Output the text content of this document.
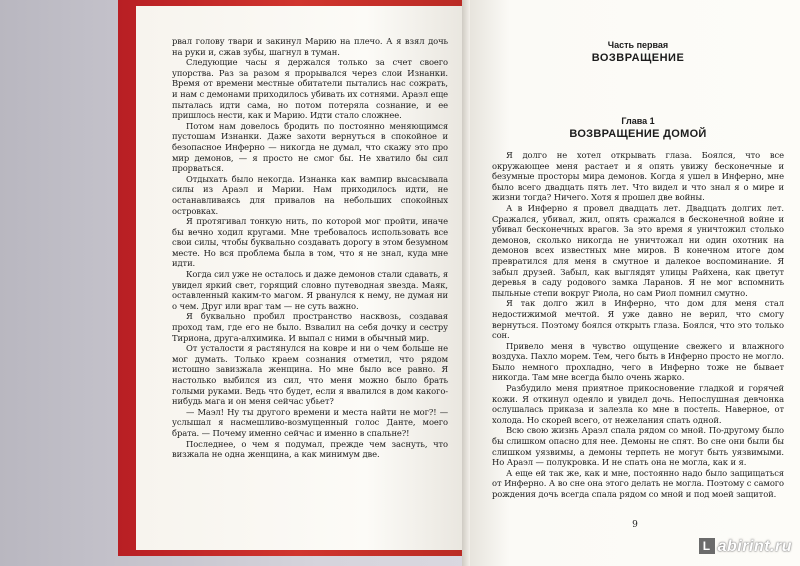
рвал голову твари и закинул Марию на плечо. А я взял дочь на руки и, сжав зубы, шагнул в туман.

Следующие часы я держался только за счет своего упорства. Раз за разом я прорывался через слои Изнанки. Время от времени местные обитатели пытались нас сожрать, и нам с демонами приходилось убивать их сотнями. Араэл еще пыталась идти сама, но потом потеряла сознание, и ее пришлось нести, как и Марию. Идти стало сложнее.

Потом нам довелось бродить по постоянно меняющимся пустошам Изнанки. Даже захоти вернуться в спокойное и безопасное Инферно — никогда не думал, что скажу это про мир демонов, — я просто не смог бы. Не хватило бы сил прорваться.

Отдыхать было некогда. Изнанка как вампир высасывала силы из Араэл и Марии. Нам приходилось идти, не останавливаясь для привалов на небольших спокойных островках.

Я протягивал тонкую нить, по которой мог пройти, иначе бы вечно ходил кругами. Мне требовалось использовать все свои силы, чтобы буквально создавать дорогу в этом безумном месте. Но вся проблема была в том, что я не знал, куда мне идти.

Когда сил уже не осталось и даже демонов стали сдавать, я увидел яркий свет, горящий словно путеводная звезда. Маяк, оставленный каким-то магом. Я рванулся к нему, не думая ни о чем. Друг или враг там — не суть важно.

Я буквально пробил пространство насквозь, создавая проход там, где его не было. Взвалил на себя дочку и сестру Тириона, друга-алхимика. И выпал с ними в обычный мир.

От усталости я растянулся на ковре и ни о чем больше не мог думать. Только краем сознания отметил, что рядом истошно завизжала женщина. Но мне было все равно. Я настолько выбился из сил, что меня можно было брать голыми руками. Ведь что будет, если я ввалился в дом какого-нибудь мага и он меня сейчас убьет?

— Маэл! Ну ты другого времени и места найти не мог?! — услышал я насмешливо-возмущенный голос Данте, моего брата. — Почему именно сейчас и именно в спальне?!

Последнее, о чем я подумал, прежде чем заснуть, что визжала не одна женщина, а как минимум две.

Часть первая
ВОЗВРАЩЕНИЕ
Глава 1
ВОЗВРАЩЕНИЕ ДОМОЙ

Я долго не хотел открывать глаза. Боялся, что все окружающее меня растает и я опять увижу бесконечные и безумные просторы мира демонов. Когда я ушел в Инферно, мне было всего двадцать пять лет. Что видел и что знал я о мире и жизни тогда? Ничего. Хотя я прошел две войны.

А в Инферно я провел двадцать лет. Двадцать долгих лет. Сражался, убивал, жил, опять сражался в бесконечной войне и убивал бесконечных врагов. За это время я уничтожил столько демонов, сколько никогда не уничтожал ни один охотник на демонов всех известных мне миров. В конечном итоге дом превратился для меня в смутное и далекое воспоминание. Я забыл друзей. Забыл, как выглядят улицы Райхена, как цветут деревья в саду родового замка Ларанов. Я не мог вспомнить пыльные степи вокруг Риола, но сам Риол помнил смутно.

Я так долго жил в Инферно, что дом для меня стал недостижимой мечтой. Я уже давно не верил, что смогу вернуться. Поэтому боялся открыть глаза. Боялся, что это только сон.

Привело меня в чувство ощущение свежего и влажного воздуха. Пахло морем. Тем, чего быть в Инферно просто не могло. Было немного прохладно, чего в Инферно тоже не бывает никогда. Там мне всегда было очень жарко.

Разбудило меня приятное прикосновение гладкой и горячей кожи. Я откинул одеяло и увидел дочь. Непослушная девчонка ослушалась приказа и залезла ко мне в постель. Наверное, от холода. Но скорей всего, от нежелания спать одной.

Всю свою жизнь Араэл спала рядом со мной. По-другому было бы слишком опасно для нее. Демоны не спят. Во сне они были бы слишком уязвимы, а демоны терпеть не могут быть уязвимыми. Но Араэл — полукровка. И не спать она не могла, как и я.

А еще ей так же, как и мне, постоянно надо было защищаться от Инферно. А во сне она этого делать не могла. Поэтому с самого рождения дочь всегда спала рядом со мной и под моей защитой.

9
L abirint.ru
